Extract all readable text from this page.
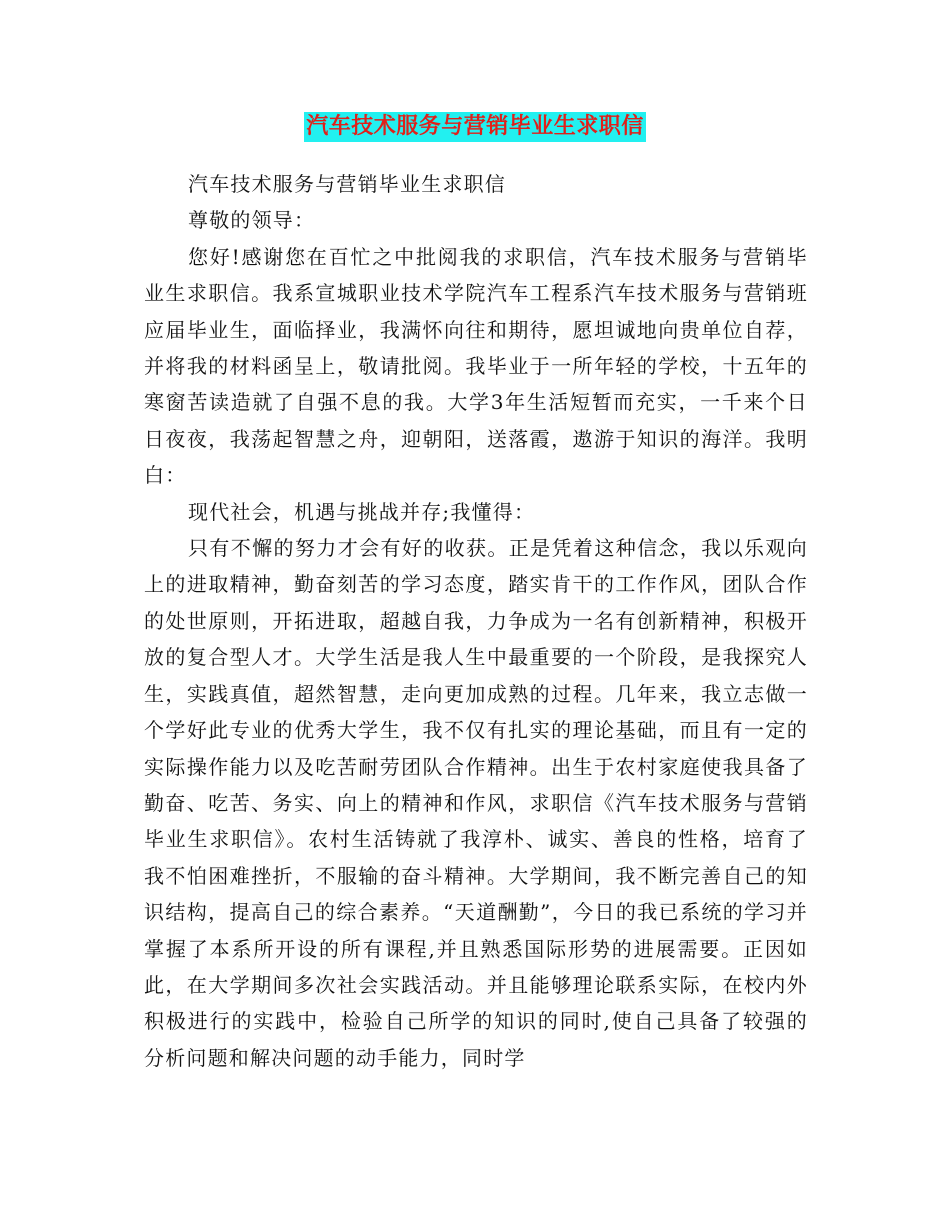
汽车技术服务与营销毕业生求职信

汽车技术服务与营销毕业生求职信

尊敬的领导：

您好!感谢您在百忙之中批阅我的求职信，汽车技术服务与营销毕业生求职信。我系宣城职业技术学院汽车工程系汽车技术服务与营销班应届毕业生，面临择业，我满怀向往和期待，愿坦诚地向贵单位自荐，并将我的材料函呈上，敬请批阅。我毕业于一所年轻的学校，十五年的寒窗苦读造就了自强不息的我。大学3年生活短暂而充实，一千来个日日夜夜，我荡起智慧之舟，迎朝阳，送落霞，遨游于知识的海洋。我明白：

现代社会，机遇与挑战并存;我懂得：

只有不懈的努力才会有好的收获。正是凭着这种信念，我以乐观向上的进取精神，勤奋刻苦的学习态度，踏实肯干的工作作风，团队合作的处世原则，开拓进取，超越自我，力争成为一名有创新精神，积极开放的复合型人才。大学生活是我人生中最重要的一个阶段，是我探究人生，实践真值，超然智慧，走向更加成熟的过程。几年来，我立志做一个学好此专业的优秀大学生，我不仅有扎实的理论基础，而且有一定的实际操作能力以及吃苦耐劳团队合作精神。出生于农村家庭使我具备了勤奋、吃苦、务实、向上的精神和作风，求职信《汽车技术服务与营销毕业生求职信》。农村生活铸就了我淳朴、诚实、善良的性格，培育了我不怕困难挫折，不服输的奋斗精神。大学期间，我不断完善自己的知识结构，提高自己的综合素养。“天道酬勤”，今日的我已系统的学习并掌握了本系所开设的所有课程,并且熟悉国际形势的进展需要。正因如此，在大学期间多次社会实践活动。并且能够理论联系实际，在校内外积极进行的实践中，检验自己所学的知识的同时,使自己具备了较强的分析问题和解决问题的动手能力，同时学
